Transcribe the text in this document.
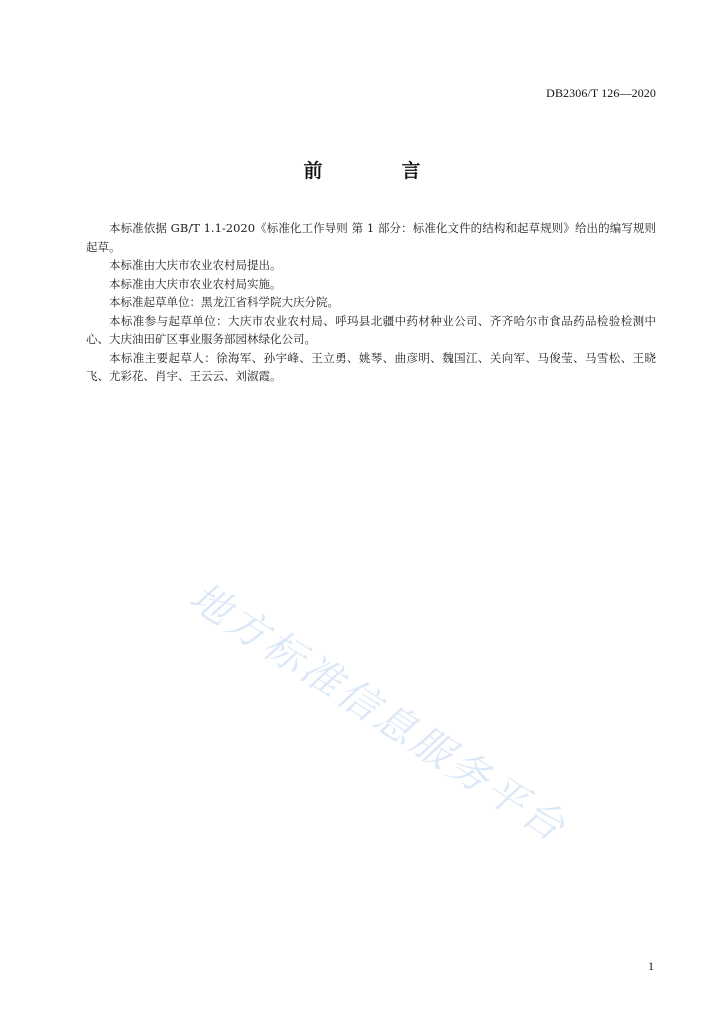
DB2306/T 126—2020
前　言

本标准依据 GB/T 1.1-2020《标准化工作导则 第 1 部分：标准化文件的结构和起草规则》给出的编写规则起草。

本标准由大庆市农业农村局提出。

本标准由大庆市农业农村局实施。

本标准起草单位：黑龙江省科学院大庆分院。

本标准参与起草单位：大庆市农业农村局、呼玛县北疆中药材种业公司、齐齐哈尔市食品药品检验检测中心、大庆油田矿区事业服务部园林绿化公司。

本标准主要起草人：徐海军、孙宇峰、王立勇、姚琴、曲彦明、魏国江、关向军、马俊莹、马雪松、王晓飞、尤彩花、肖宇、王云云、刘淑霞。

地方标准信息服务平台
1
